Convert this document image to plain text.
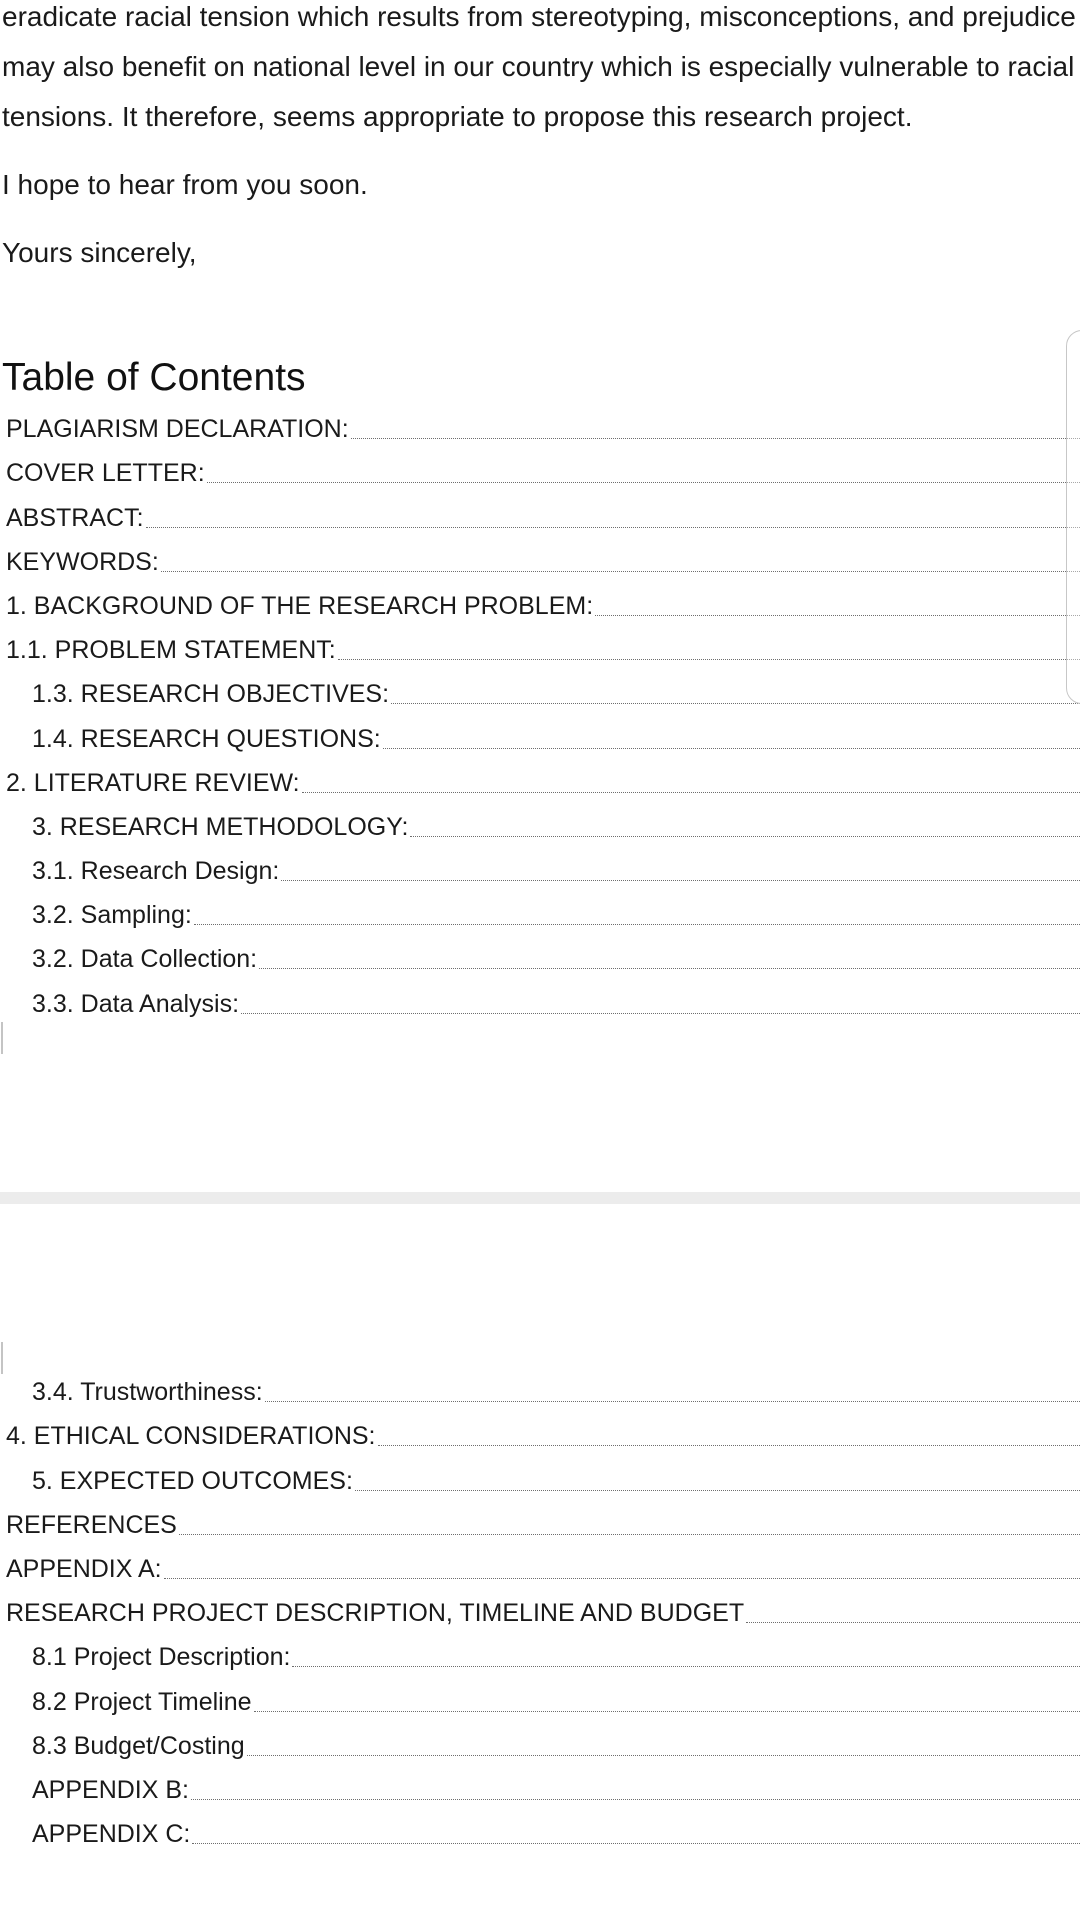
eradicate racial tension which results from stereotyping, misconceptions, and prejudice

may also benefit on national level in our country which is especially vulnerable to racial

tensions. It therefore, seems appropriate to propose this research project.

I hope to hear from you soon.

Yours sincerely,

Table of Contents
PLAGIARISM DECLARATION:
COVER LETTER:
ABSTRACT:
KEYWORDS:
1. BACKGROUND OF THE RESEARCH PROBLEM:
1.1. PROBLEM STATEMENT:
1.3. RESEARCH OBJECTIVES:
1.4. RESEARCH QUESTIONS:
2. LITERATURE REVIEW:
3. RESEARCH METHODOLOGY:
3.1. Research Design:
3.2. Sampling:
3.2. Data Collection:
3.3. Data Analysis:
3.4. Trustworthiness:
4. ETHICAL CONSIDERATIONS:
5. EXPECTED OUTCOMES:
REFERENCES
APPENDIX A:
RESEARCH PROJECT DESCRIPTION, TIMELINE AND BUDGET
8.1 Project Description:
8.2 Project Timeline
8.3 Budget/Costing
APPENDIX B:
APPENDIX C:
